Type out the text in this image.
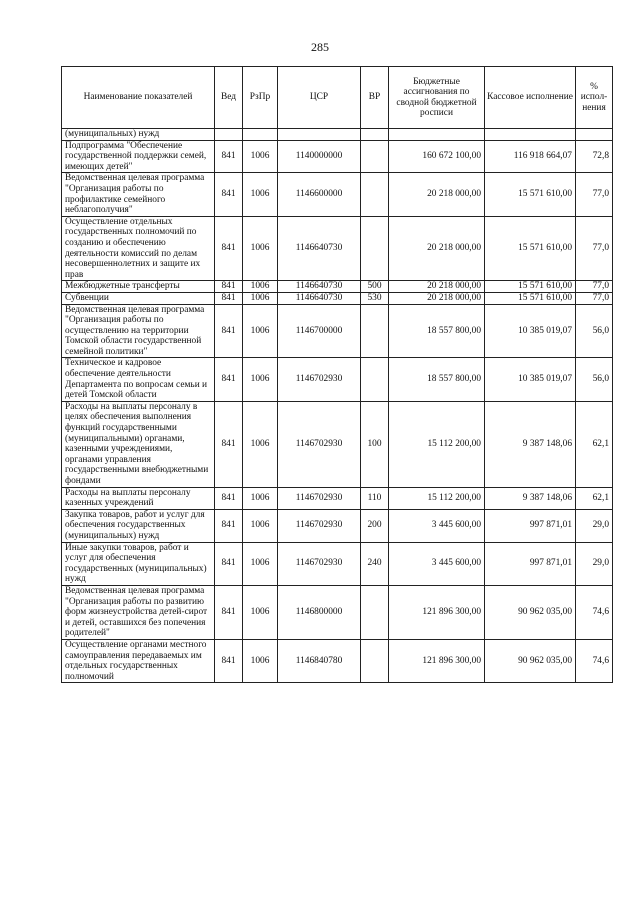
285
Наименование показателей	Вед	РзПр	ЦСР	ВР	Бюджетные ассигнования по сводной бюджетной росписи	Кассовое исполнение	% испол-нения
(муниципальных) нужд							
Подпрограмма "Обеспечение государственной поддержки семей, имеющих детей"	841	1006	1140000000		160 672 100,00	116 918 664,07	72,8
Ведомственная целевая программа "Организация работы по профилактике семейного неблагополучия"	841	1006	1146600000		20 218 000,00	15 571 610,00	77,0
Осуществление отдельных государственных полномочий по созданию и обеспечению деятельности комиссий по делам несовершеннолетних и защите их прав	841	1006	1146640730		20 218 000,00	15 571 610,00	77,0
Межбюджетные трансферты	841	1006	1146640730	500	20 218 000,00	15 571 610,00	77,0
Субвенции	841	1006	1146640730	530	20 218 000,00	15 571 610,00	77,0
Ведомственная целевая программа "Организация работы по осуществлению на территории Томской области государственной семейной политики"	841	1006	1146700000		18 557 800,00	10 385 019,07	56,0
Техническое и кадровое обеспечение деятельности Департамента по вопросам семьи и детей Томской области	841	1006	1146702930		18 557 800,00	10 385 019,07	56,0
Расходы на выплаты персоналу в целях обеспечения выполнения функций государственными (муниципальными) органами, казенными учреждениями, органами управления государственными внебюджетными фондами	841	1006	1146702930	100	15 112 200,00	9 387 148,06	62,1
Расходы на выплаты персоналу казенных учреждений	841	1006	1146702930	110	15 112 200,00	9 387 148,06	62,1
Закупка товаров, работ и услуг для обеспечения государственных (муниципальных) нужд	841	1006	1146702930	200	3 445 600,00	997 871,01	29,0
Иные закупки товаров, работ и услуг для обеспечения государственных (муниципальных) нужд	841	1006	1146702930	240	3 445 600,00	997 871,01	29,0
Ведомственная целевая программа "Организация работы по развитию форм жизнеустройства детей-сирот и детей, оставшихся без попечения родителей"	841	1006	1146800000		121 896 300,00	90 962 035,00	74,6
Осуществление органами местного самоуправления передаваемых им отдельных государственных полномочий	841	1006	1146840780		121 896 300,00	90 962 035,00	74,6
